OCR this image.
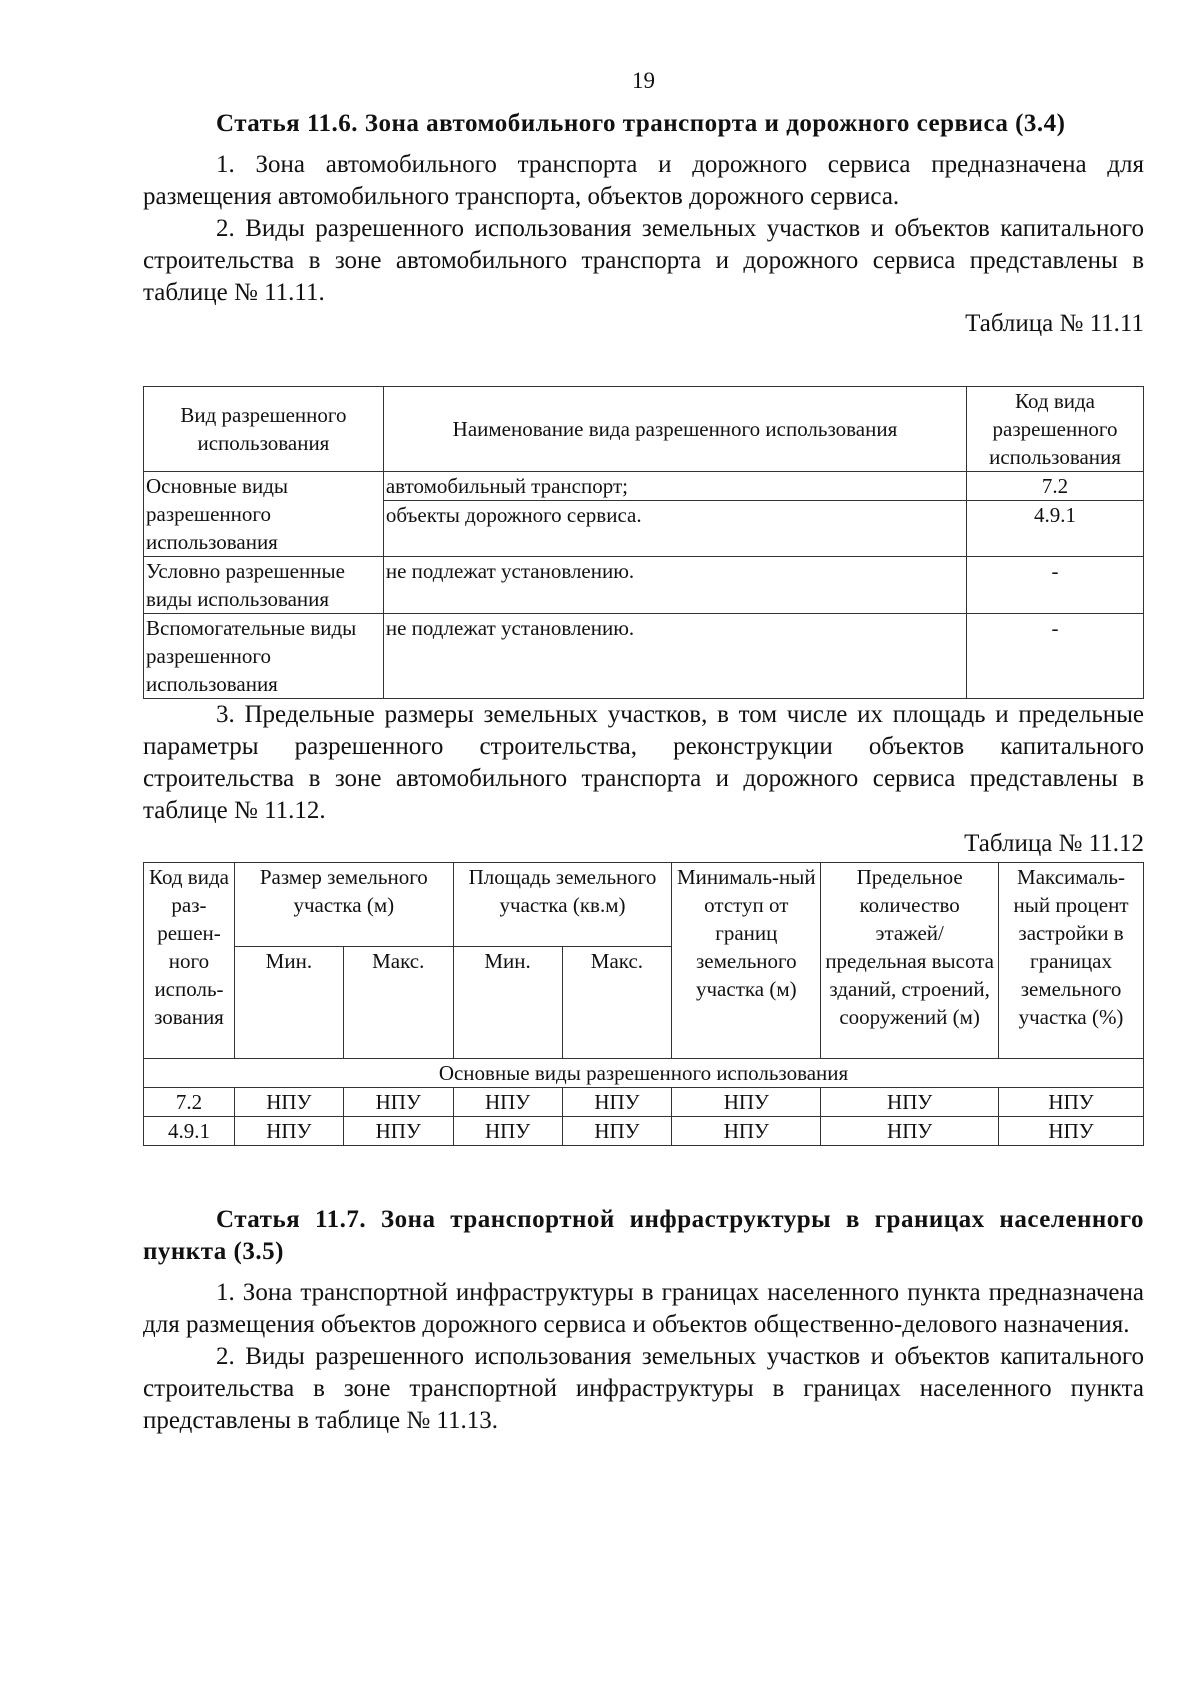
19

Статья 11.6. Зона автомобильного транспорта и дорожного сервиса (3.4)

1. Зона автомобильного транспорта и дорожного сервиса предназначена для размещения автомобильного транспорта, объектов дорожного сервиса.

2. Виды разрешенного использования земельных участков и объектов капитального строительства в зоне автомобильного транспорта и дорожного сервиса представлены в таблице № 11.11.

Таблица № 11.11

Вид разрешенного использования	Наименование вида разрешенного использования	Код вида разрешенного использования
Основные виды разрешенного использования	автомобильный транспорт;	7.2
	объекты дорожного сервиса.	4.9.1
Условно разрешенные виды использования	не подлежат установлению.	-
Вспомогательные виды разрешенного использования	не подлежат установлению.	-

3. Предельные размеры земельных участков, в том числе их площадь и предельные параметры разрешенного строительства, реконструкции объектов капитального строительства в зоне автомобильного транспорта и дорожного сервиса представлены в таблице № 11.12.

Таблица № 11.12

Код вида раз-решен-ного исполь-зования	Размер земельного участка (м)		Площадь земельного участка (кв.м)		Минималь-ный отступ от границ земельного участка (м)	Предельное количество этажей/ предельная высота зданий, строений, сооружений (м)	Максималь-ный процент застройки в границах земельного участка (%)
	Мин.	Макс.	Мин.	Макс.			
Основные виды разрешенного использования							
7.2	НПУ	НПУ	НПУ	НПУ	НПУ	НПУ	НПУ
4.9.1	НПУ	НПУ	НПУ	НПУ	НПУ	НПУ	НПУ

Статья 11.7. Зона транспортной инфраструктуры в границах населенного пункта (3.5)

1. Зона транспортной инфраструктуры в границах населенного пункта предназначена для размещения объектов дорожного сервиса и объектов общественно-делового назначения.

2. Виды разрешенного использования земельных участков и объектов капитального строительства в зоне транспортной инфраструктуры в границах населенного пункта представлены в таблице № 11.13.
